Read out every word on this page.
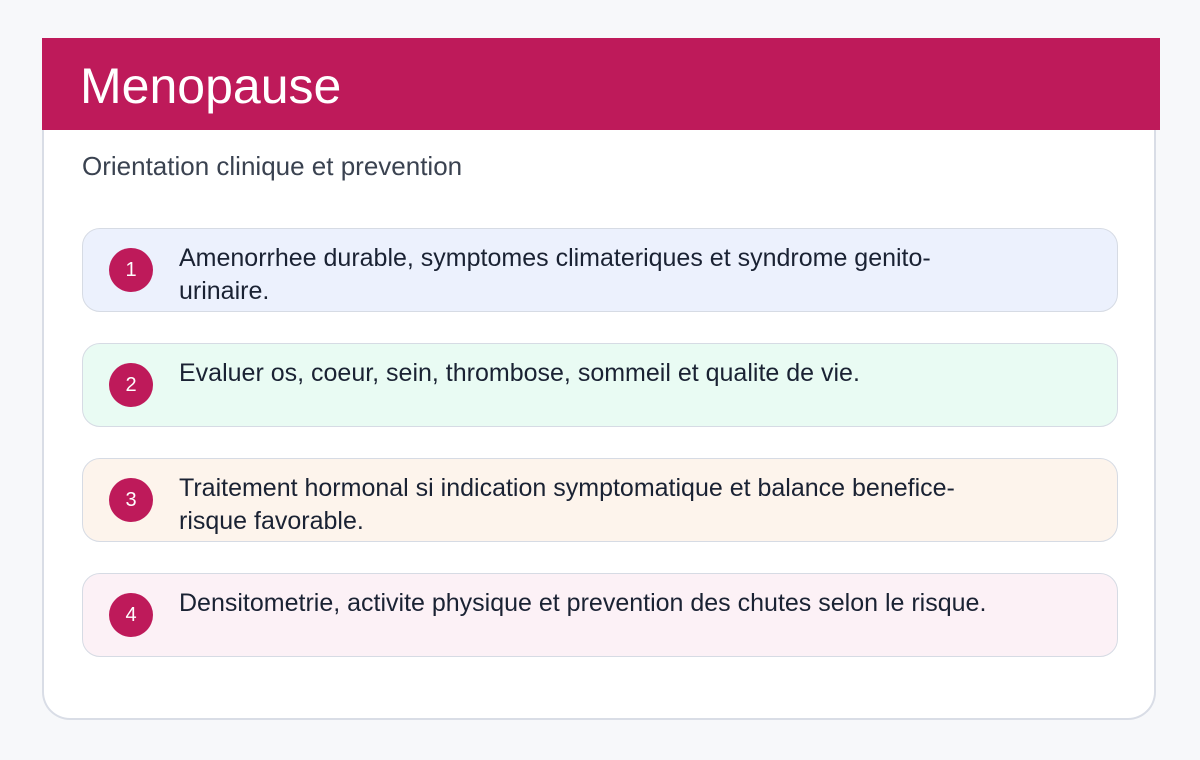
Menopause
Orientation clinique et prevention
1	Amenorrhee durable, symptomes climateriques et syndrome genito-urinaire.
2	Evaluer os, coeur, sein, thrombose, sommeil et qualite de vie.
3	Traitement hormonal si indication symptomatique et balance benefice-risque favorable.
4	Densitometrie, activite physique et prevention des chutes selon le risque.
